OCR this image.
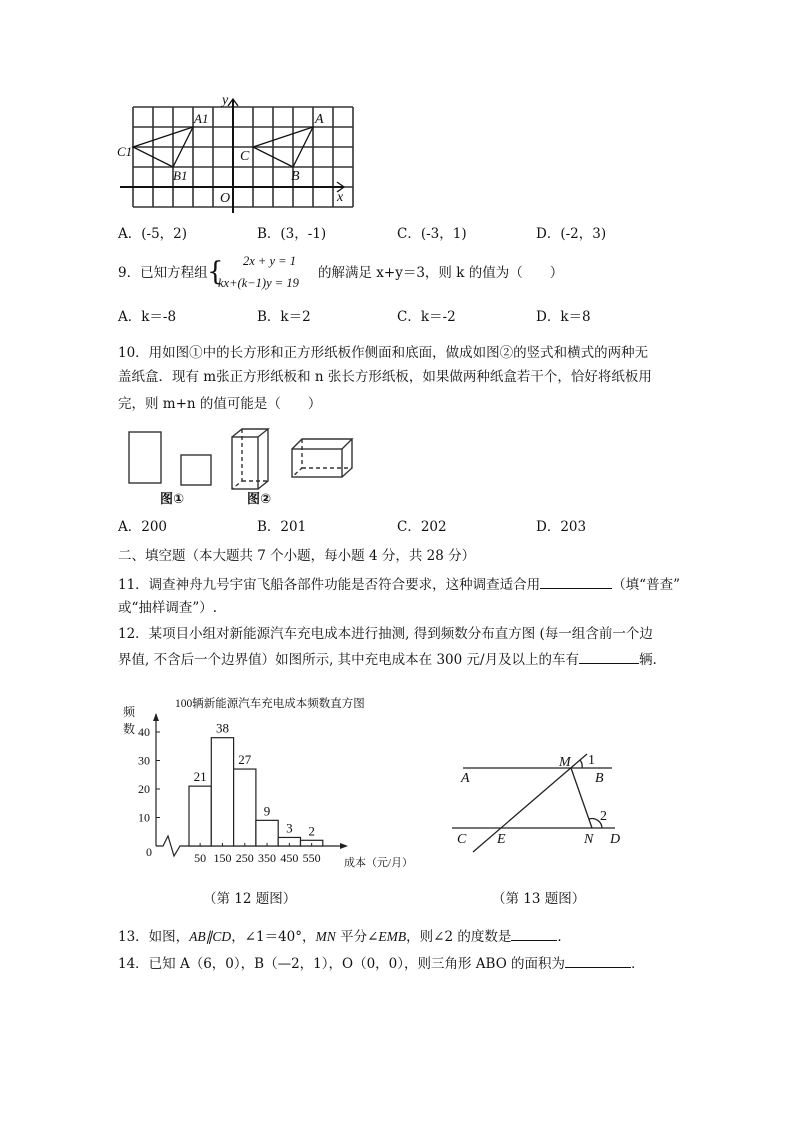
x
y
O
A
B
C
A1
B1
C1
A．(-5，2)	B．(3，-1)	C．(-3，1)	D．(-2，3)
9．已知方程组 { 2x + y = 1
kx+(k−1)y = 19
的解满足 x+y＝3，则 k 的值为（　　）
A．k＝-8	B．k＝2	C．k＝-2	D．k＝8
10．用如图①中的长方形和正方形纸板作侧面和底面，做成如图②的竖式和横式的两种无
盖纸盒．现有 m张正方形纸板和 n 张长方形纸板，如果做两种纸盒若干个，恰好将纸板用
完，则 m+n 的值可能是（　　）
图①	图②
A．200	B．201	C．202	D．203
二、填空题（本大题共 7 个小题，每小题 4 分，共 28 分）
11．调查神舟九号宇宙飞船各部件功能是否符合要求，这种调查适合用	（填“普查”
或“抽样调查”）.
12．某项目小组对新能源汽车充电成本进行抽测, 得到频数分布直方图 (每一组含前一个边
界值, 不含后一个边界值）如图所示, 其中充电成本在 300 元/月及以上的车有	辆.
100辆新能源汽车充电成本频数直方图
频
数
成本（元/月）
0
10
20
30
40
21
50
38
150
27
250
9
350
3
450
2
550
（第 12 题图）
M 1
A	B
2
C E	N D
（第 13 题图）
13．如图，AB∥CD，∠1＝40°，MN 平分∠EMB，则∠2 的度数是	．
14．已知 A（6，0），B（—2，1），O（0，0），则三角形 ABO 的面积为	．
